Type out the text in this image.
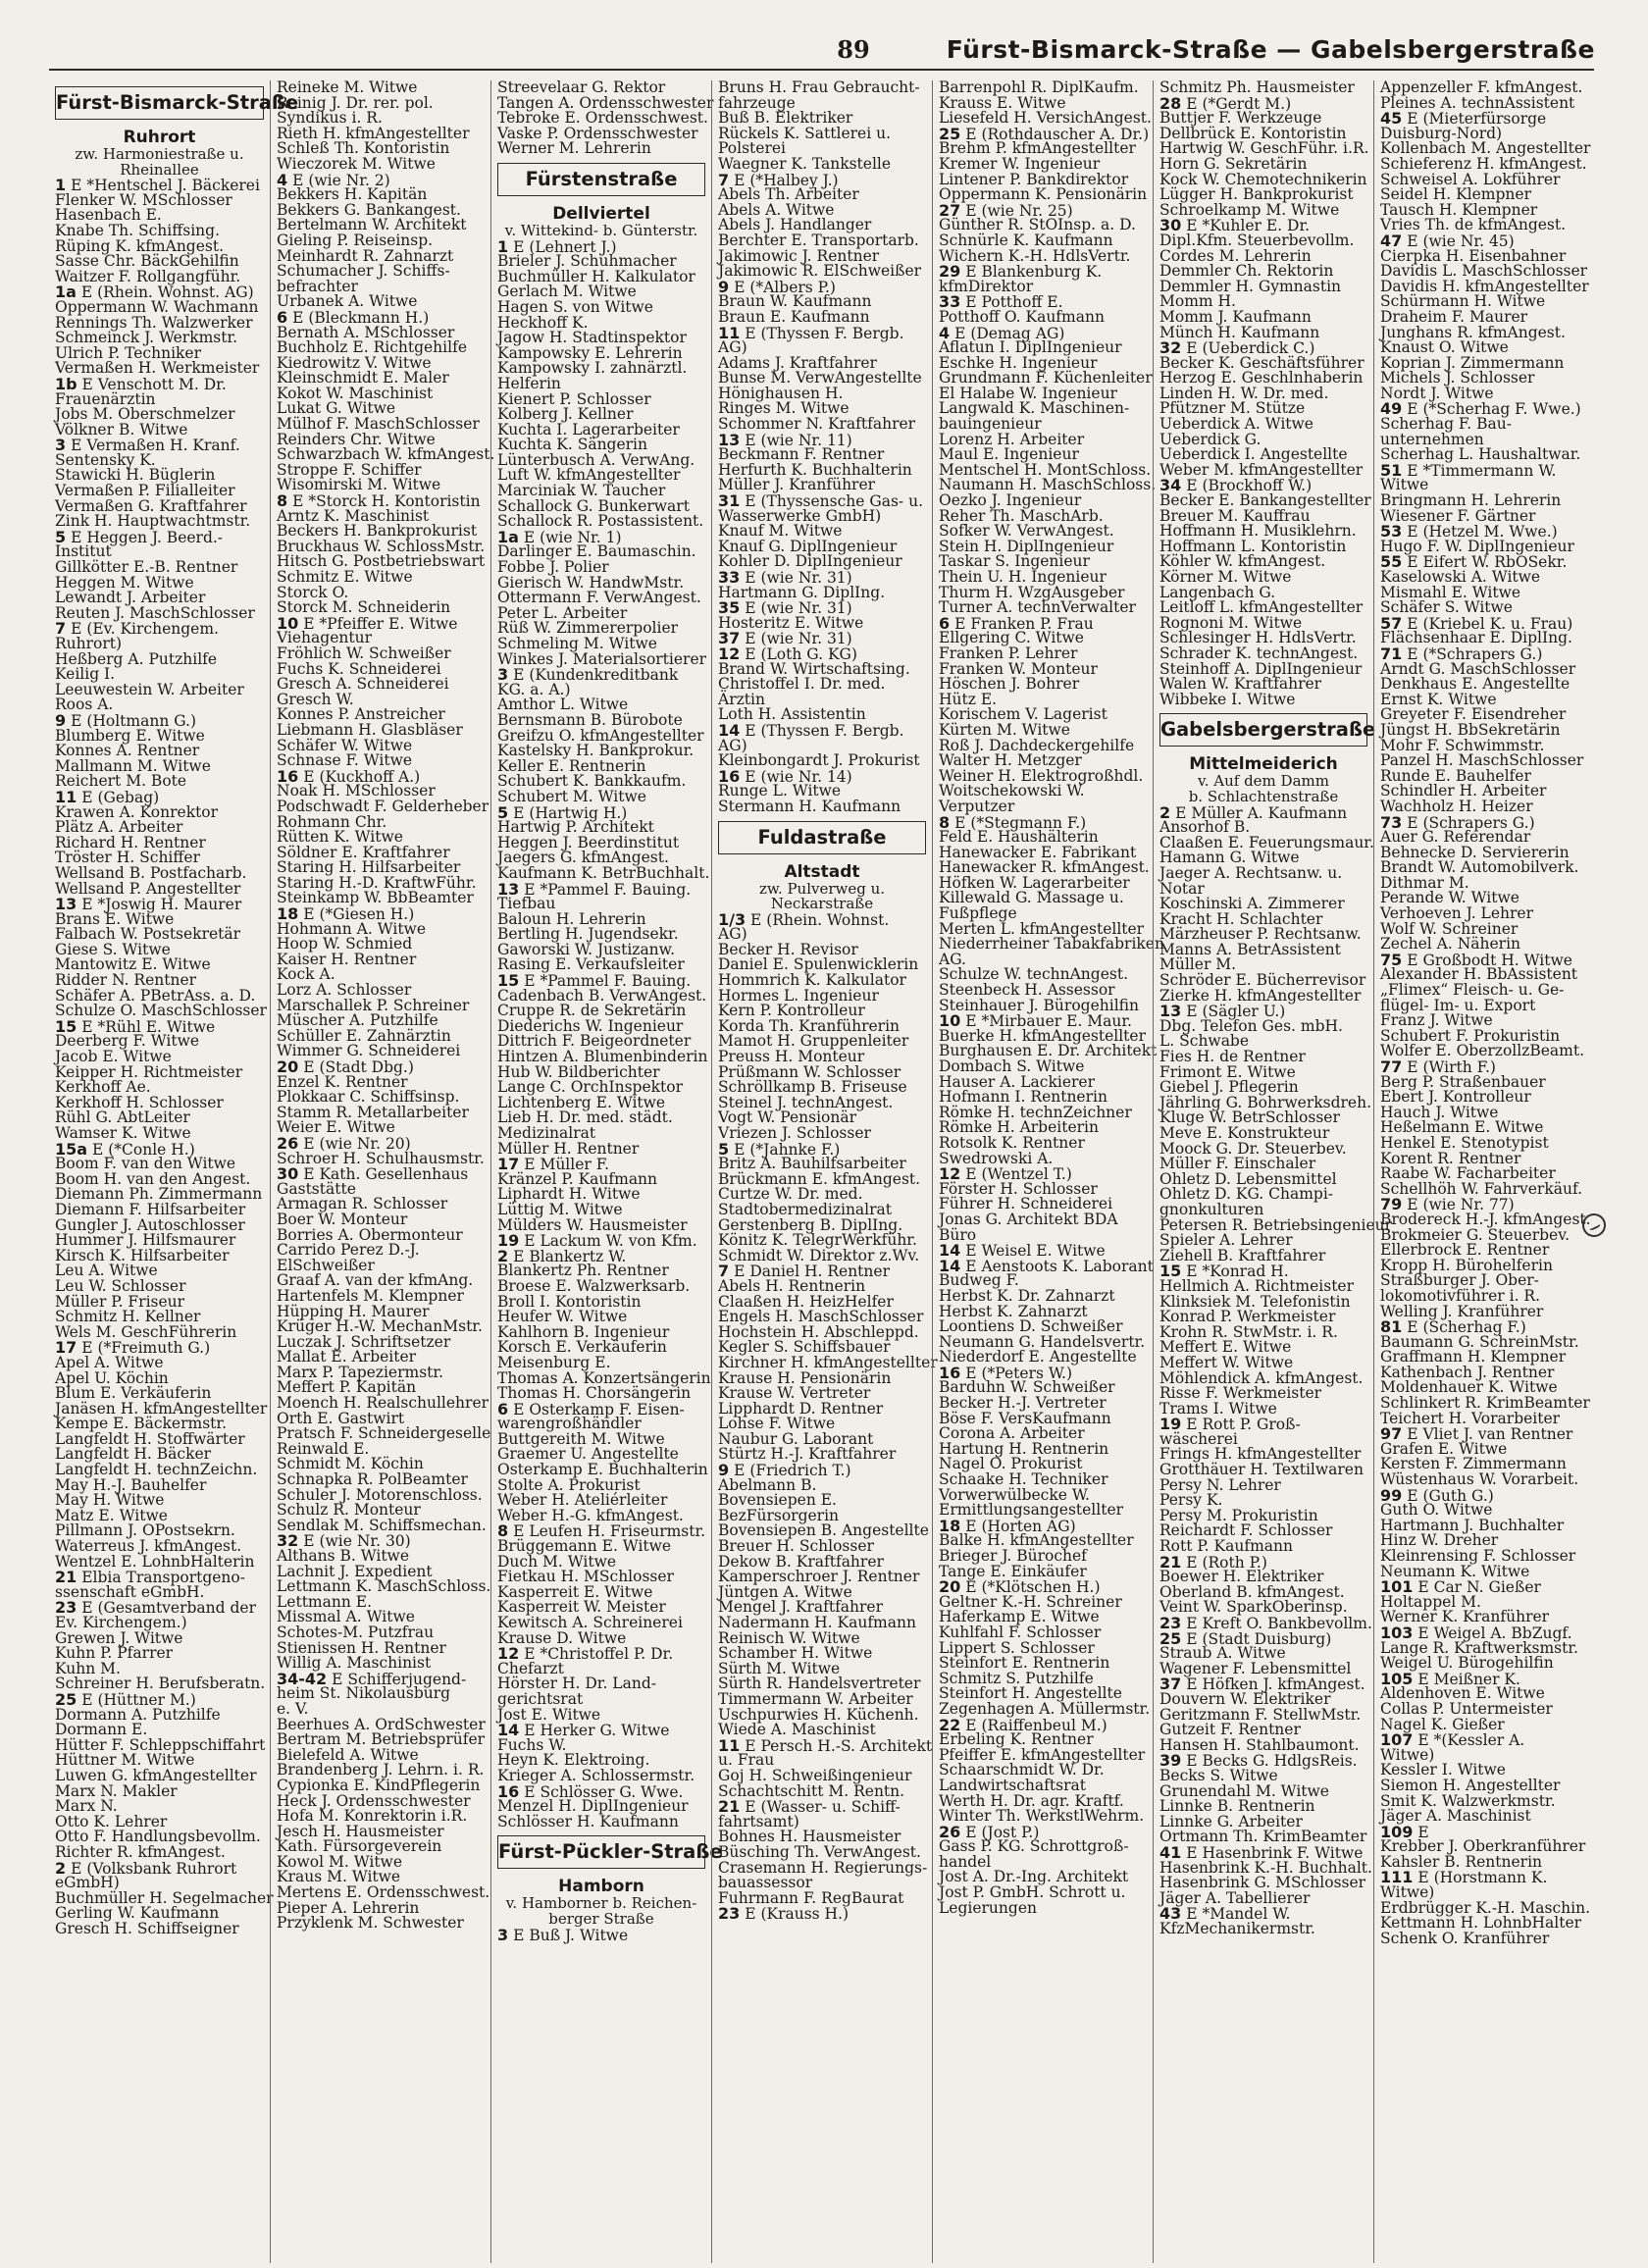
89	Fürst-Bismarck-Straße — Gabelsbergerstraße
Fürst-Bismarck-Straße
Ruhrort
zw. Harmoniestraße u.
Rheinallee
1 E *Hentschel J. Bäckerei
Flenker W. MSchlosser
Hasenbach E.
Knabe Th. Schiffsing.
Rüping K. kfmAngest.
Sasse Chr. BäckGehilfin
Waitzer F. Rollgangführ.
1a E (Rhein. Wohnst. AG)
Oppermann W. Wachmann
Rennings Th. Walzwerker
Schmeinck J. Werkmstr.
Ulrich P. Techniker
Vermaßen H. Werkmeister
1b E Venschott M. Dr.
Frauenärztin
Jobs M. Oberschmelzer
Völkner B. Witwe
3 E Vermaßen H. Kranf.
Sentensky K.
Stawicki H. Büglerin
Vermaßen P. Filialleiter
Vermaßen G. Kraftfahrer
Zink H. Hauptwachtmstr.
5 E Heggen J. Beerd.-
Institut
Gillkötter E.-B. Rentner
Heggen M. Witwe
Lewandt J. Arbeiter
Reuten J. MaschSchlosser
7 E (Ev. Kirchengem.
Ruhrort)
Heßberg A. Putzhilfe
Keilig I.
Leeuwestein W. Arbeiter
Roos A.
9 E (Holtmann G.)
Blumberg E. Witwe
Konnes A. Rentner
Mallmann M. Witwe
Reichert M. Bote
11 E (Gebag)
Krawen A. Konrektor
Plätz A. Arbeiter
Richard H. Rentner
Tröster H. Schiffer
Wellsand B. Postfacharb.
Wellsand P. Angestellter
13 E *Joswig H. Maurer
Brans E. Witwe
Falbach W. Postsekretär
Giese S. Witwe
Mantowitz E. Witwe
Ridder N. Rentner
Schäfer A. PBetrAss. a. D.
Schulze O. MaschSchlosser
15 E *Rühl E. Witwe
Deerberg F. Witwe
Jacob E. Witwe
Keipper H. Richtmeister
Kerkhoff Ae.
Kerkhoff H. Schlosser
Rühl G. AbtLeiter
Wamser K. Witwe
15a E (*Conle H.)
Boom F. van den Witwe
Boom H. van den Angest.
Diemann Ph. Zimmermann
Diemann F. Hilfsarbeiter
Gungler J. Autoschlosser
Hummer J. Hilfsmaurer
Kirsch K. Hilfsarbeiter
Leu A. Witwe
Leu W. Schlosser
Müller P. Friseur
Schmitz H. Kellner
Wels M. GeschFührerin
17 E (*Freimuth G.)
Apel A. Witwe
Apel U. Köchin
Blum E. Verkäuferin
Janäsen H. kfmAngestellter
Kempe E. Bäckermstr.
Langfeldt H. Stoffwärter
Langfeldt H. Bäcker
Langfeldt H. technZeichn.
May H.-J. Bauhelfer
May H. Witwe
Matz E. Witwe
Pillmann J. OPostsekrn.
Waterreus J. kfmAngest.
Wentzel E. LohnbHalterin
21 Elbia Transportgeno-
ssenschaft eGmbH.
23 E (Gesamtverband der
Ev. Kirchengem.)
Grewen J. Witwe
Kuhn P. Pfarrer
Kuhn M.
Schreiner H. Berufsberatn.
25 E (Hüttner M.)
Dormann A. Putzhilfe
Dormann E.
Hütter F. Schleppschiffahrt
Hüttner M. Witwe
Luwen G. kfmAngestellter
Marx N. Makler
Marx N.
Otto K. Lehrer
Otto F. Handlungsbevollm.
Richter R. kfmAngest.
2 E (Volksbank Ruhrort
eGmbH)
Buchmüller H. Segelmacher
Gerling W. Kaufmann
Gresch H. Schiffseigner
Reineke M. Witwe
Reinig J. Dr. rer. pol.
Syndikus i. R.
Rieth H. kfmAngestellter
Schleß Th. Kontoristin
Wieczorek M. Witwe
4 E (wie Nr. 2)
Bekkers H. Kapitän
Bekkers G. Bankangest.
Bertelmann W. Architekt
Gieling P. Reiseinsp.
Meinhardt R. Zahnarzt
Schumacher J. Schiffs-
befrachter
Urbanek A. Witwe
6 E (Bleckmann H.)
Bernath A. MSchlosser
Buchholz E. Richtgehilfe
Kiedrowitz V. Witwe
Kleinschmidt E. Maler
Kokot W. Maschinist
Lukat G. Witwe
Mülhof F. MaschSchlosser
Reinders Chr. Witwe
Schwarzbach W. kfmAngest.
Stroppe F. Schiffer
Wisomirski M. Witwe
8 E *Storck H. Kontoristin
Arntz K. Maschinist
Beckers H. Bankprokurist
Bruckhaus W. SchlossMstr.
Hitsch G. Postbetriebswart
Schmitz E. Witwe
Storck O.
Storck M. Schneiderin
10 E *Pfeiffer E. Witwe
Viehagentur
Fröhlich W. Schweißer
Fuchs K. Schneiderei
Gresch A. Schneiderei
Gresch W.
Konnes P. Anstreicher
Liebmann H. Glasbläser
Schäfer W. Witwe
Schnase F. Witwe
16 E (Kuckhoff A.)
Noak H. MSchlosser
Podschwadt F. Gelderheber
Rohmann Chr.
Rütten K. Witwe
Söldner E. Kraftfahrer
Staring H. Hilfsarbeiter
Staring H.-D. KraftwFühr.
Steinkamp W. BbBeamter
18 E (*Giesen H.)
Hohmann A. Witwe
Hoop W. Schmied
Kaiser H. Rentner
Kock A.
Lorz A. Schlosser
Marschallek P. Schreiner
Müscher A. Putzhilfe
Schüller E. Zahnärztin
Wimmer G. Schneiderei
20 E (Stadt Dbg.)
Enzel K. Rentner
Plokkaar C. Schiffsinsp.
Stamm R. Metallarbeiter
Weier E. Witwe
26 E (wie Nr. 20)
Schroer H. Schulhausmstr.
30 E Kath. Gesellenhaus
Gaststätte
Armagan R. Schlosser
Boer W. Monteur
Borries A. Obermonteur
Carrido Perez D.-J.
ElSchweißer
Graaf A. van der kfmAng.
Hartenfels M. Klempner
Hüpping H. Maurer
Krüger H.-W. MechanMstr.
Luczak J. Schriftsetzer
Mallat E. Arbeiter
Marx P. Tapeziermstr.
Meffert P. Kapitän
Moench H. Realschullehrer
Orth E. Gastwirt
Pratsch F. Schneidergeselle
Reinwald E.
Schmidt M. Köchin
Schnapka R. PolBeamter
Schuler J. Motorenschloss.
Schulz R. Monteur
Sendlak M. Schiffsmechan.
32 E (wie Nr. 30)
Althans B. Witwe
Lachnit J. Expedient
Lettmann K. MaschSchloss.
Lettmann E.
Missmal A. Witwe
Schotes-M. Putzfrau
Stienissen H. Rentner
Willig A. Maschinist
34-42 E Schifferjugend-
heim St. Nikolausburg
e. V.
Beerhues A. OrdSchwester
Bertram M. Betriebsprüfer
Bielefeld A. Witwe
Brandenberg J. Lehrn. i. R.
Cypionka E. KindPflegerin
Heck J. Ordensschwester
Hofa M. Konrektorin i.R.
Jesch H. Hausmeister
Kath. Fürsorgeverein
Kowol M. Witwe
Kraus M. Witwe
Mertens E. Ordensschwest.
Pieper A. Lehrerin
Przyklenk M. Schwester
Streevelaar G. Rektor
Tangen A. Ordensschwester
Tebroke E. Ordensschwest.
Vaske P. Ordensschwester
Werner M. Lehrerin
Fürstenstraße
Dellviertel
v. Wittekind- b. Günterstr.
1 E (Lehnert J.)
Brieler J. Schuhmacher
Buchmüller H. Kalkulator
Gerlach M. Witwe
Hagen S. von Witwe
Heckhoff K.
Jagow H. Stadtinspektor
Kampowsky E. Lehrerin
Kampowsky I. zahnärztl.
Helferin
Kienert P. Schlosser
Kolberg J. Kellner
Kuchta I. Lagerarbeiter
Kuchta K. Sängerin
Lünterbusch A. VerwAng.
Luft W. kfmAngestellter
Marciniak W. Taucher
Schallock G. Bunkerwart
Schallock R. Postassistent.
1a E (wie Nr. 1)
Darlinger E. Baumaschin.
Fobbe J. Polier
Gierisch W. HandwMstr.
Ottermann F. VerwAngest.
Peter L. Arbeiter
Rüß W. Zimmererpolier
Schmeling M. Witwe
Winkes J. Materialsortierer
3 E (Kundenkreditbank
KG. a. A.)
Amthor L. Witwe
Bernsmann B. Bürobote
Greifzu O. kfmAngestellter
Kastelsky H. Bankprokur.
Keller E. Rentnerin
Schubert K. Bankkaufm.
Schubert M. Witwe
5 E (Hartwig H.)
Hartwig P. Architekt
Heggen J. Beerdinstitut
Jaegers G. kfmAngest.
Kaufmann K. BetrBuchhalt.
13 E *Pammel F. Bauing.
Tiefbau
Baloun H. Lehrerin
Bertling H. Jugendsekr.
Gaworski W. Justizanw.
Rasing E. Verkaufsleiter
15 E *Pammel F. Bauing.
Cadenbach B. VerwAngest.
Cruppe R. de Sekretärin
Diederichs W. Ingenieur
Dittrich F. Beigeordneter
Hintzen A. Blumenbinderin
Hub W. Bildberichter
Lange C. OrchInspektor
Lichtenberg E. Witwe
Lieb H. Dr. med. städt.
Medizinalrat
Müller H. Rentner
17 E Müller F.
Kränzel P. Kaufmann
Liphardt H. Witwe
Lüttig M. Witwe
Mülders W. Hausmeister
19 E Lackum W. von Kfm.
2 E Blankertz W.
Blankertz Ph. Rentner
Broese E. Walzwerksarb.
Broll I. Kontoristin
Heufer W. Witwe
Kahlhorn B. Ingenieur
Korsch E. Verkäuferin
Meisenburg E.
Thomas A. Konzertsängerin
Thomas H. Chorsängerin
6 E Osterkamp F. Eisen-
warengroßhändler
Buttgereith M. Witwe
Graemer U. Angestellte
Osterkamp E. Buchhalterin
Stolte A. Prokurist
Weber H. Ateliérleiter
Weber H.-G. kfmAngest.
8 E Leufen H. Friseurmstr.
Brüggemann E. Witwe
Duch M. Witwe
Fietkau H. MSchlosser
Kasperreit E. Witwe
Kasperreit W. Meister
Kewitsch A. Schreinerei
Krause D. Witwe
12 E *Christoffel P. Dr.
Chefarzt
Hörster H. Dr. Land-
gerichtsrat
Jost E. Witwe
14 E Herker G. Witwe
Fuchs W.
Heyn K. Elektroing.
Krieger A. Schlossermstr.
16 E Schlösser G. Wwe.
Menzel H. DiplIngenieur
Schlösser H. Kaufmann
Fürst-Pückler-Straße
Hamborn
v. Hamborner b. Reichen-
berger Straße
3 E Buß J. Witwe
Bruns H. Frau Gebraucht-
fahrzeuge
Buß B. Elektriker
Rückels K. Sattlerei u.
Polsterei
Waegner K. Tankstelle
7 E (*Halbey J.)
Abels Th. Arbeiter
Abels A. Witwe
Abels J. Handlanger
Berchter E. Transportarb.
Jakimowic J. Rentner
Jakimowic R. ElSchweißer
9 E (*Albers P.)
Braun W. Kaufmann
Braun E. Kaufmann
11 E (Thyssen F. Bergb.
AG)
Adams J. Kraftfahrer
Bunse M. VerwAngestellte
Hönighausen H.
Ringes M. Witwe
Schommer N. Kraftfahrer
13 E (wie Nr. 11)
Beckmann F. Rentner
Herfurth K. Buchhalterin
Müller J. Kranführer
31 E (Thyssensche Gas- u.
Wasserwerke GmbH)
Knauf M. Witwe
Knauf G. DiplIngenieur
Kohler D. DiplIngenieur
33 E (wie Nr. 31)
Hartmann G. DiplIng.
35 E (wie Nr. 31)
Hosteritz E. Witwe
37 E (wie Nr. 31)
12 E (Loth G. KG)
Brand W. Wirtschaftsing.
Christoffel I. Dr. med.
Ärztin
Loth H. Assistentin
14 E (Thyssen F. Bergb.
AG)
Kleinbongardt J. Prokurist
16 E (wie Nr. 14)
Runge L. Witwe
Stermann H. Kaufmann
Fuldastraße
Altstadt
zw. Pulverweg u.
Neckarstraße
1/3 E (Rhein. Wohnst.
AG)
Becker H. Revisor
Daniel E. Spulenwicklerin
Hommrich K. Kalkulator
Hormes L. Ingenieur
Kern P. Kontrolleur
Korda Th. Kranführerin
Mamot H. Gruppenleiter
Preuss H. Monteur
Prüßmann W. Schlosser
Schröllkamp B. Friseuse
Steinel J. technAngest.
Vogt W. Pensionär
Vriezen J. Schlosser
5 E (*Jahnke F.)
Britz A. Bauhilfsarbeiter
Brückmann E. kfmAngest.
Curtze W. Dr. med.
Stadtobermedizinalrat
Gerstenberg B. DiplIng.
Könitz K. TelegrWerkführ.
Schmidt W. Direktor z.Wv.
7 E Daniel H. Rentner
Abels H. Rentnerin
Claaßen H. HeizHelfer
Engels H. MaschSchlosser
Hochstein H. Abschleppd.
Kegler S. Schiffsbauer
Kirchner H. kfmAngestellter
Krause H. Pensionärin
Krause W. Vertreter
Lipphardt D. Rentner
Lohse F. Witwe
Naubur G. Laborant
Stürtz H.-J. Kraftfahrer
9 E (Friedrich T.)
Abelmann B.
Bovensiepen E.
BezFürsorgerin
Bovensiepen B. Angestellte
Breuer H. Schlosser
Dekow B. Kraftfahrer
Kamperschroer J. Rentner
Jüntgen A. Witwe
Mengel J. Kraftfahrer
Nadermann H. Kaufmann
Reinisch W. Witwe
Schamber H. Witwe
Sürth M. Witwe
Sürth R. Handelsvertreter
Timmermann W. Arbeiter
Uschpurwies H. Küchenh.
Wiede A. Maschinist
11 E Persch H.-S. Architekt
u. Frau
Goj H. Schweißingenieur
Schachtschitt M. Rentn.
21 E (Wasser- u. Schiff-
fahrtsamt)
Bohnes H. Hausmeister
Büsching Th. VerwAngest.
Crasemann H. Regierungs-
bauassessor
Fuhrmann F. RegBaurat
23 E (Krauss H.)
Barrenpohl R. DiplKaufm.
Krauss E. Witwe
Liesefeld H. VersichAngest.
25 E (Rothdauscher A. Dr.)
Brehm P. kfmAngestellter
Kremer W. Ingenieur
Lintener P. Bankdirektor
Oppermann K. Pensionärin
27 E (wie Nr. 25)
Günther R. StOInsp. a. D.
Schnürle K. Kaufmann
Wichern K.-H. HdlsVertr.
29 E Blankenburg K.
kfmDirektor
33 E Potthoff E.
Potthoff O. Kaufmann
4 E (Demag AG)
Aflatun I. DiplIngenieur
Eschke H. Ingenieur
Grundmann F. Küchenleiter
El Halabe W. Ingenieur
Langwald K. Maschinen-
bauingenieur
Lorenz H. Arbeiter
Maul E. Ingenieur
Mentschel H. MontSchloss.
Naumann H. MaschSchloss.
Oezko J. Ingenieur
Reher Th. MaschArb.
Sofker W. VerwAngest.
Stein H. DiplIngenieur
Taskar S. Ingenieur
Thein U. H. Ingenieur
Thurm H. WzgAusgeber
Turner A. technVerwalter
6 E Franken P. Frau
Ellgering C. Witwe
Franken P. Lehrer
Franken W. Monteur
Höschen J. Bohrer
Hütz E.
Korischem V. Lagerist
Kürten M. Witwe
Roß J. Dachdeckergehilfe
Walter H. Metzger
Weiner H. Elektrogroßhdl.
Woitschekowski W.
Verputzer
8 E (*Stegmann F.)
Feld E. Haushälterin
Hanewacker E. Fabrikant
Hanewacker R. kfmAngest.
Höfken W. Lagerarbeiter
Killewald G. Massage u.
Fußpflege
Merten L. kfmAngestellter
Niederrheiner Tabakfabriken
AG.
Schulze W. technAngest.
Steenbeck H. Assessor
Steinhauer J. Bürogehilfin
10 E *Mirbauer E. Maur.
Buerke H. kfmAngestellter
Burghausen E. Dr. Architekt
Dombach S. Witwe
Hauser A. Lackierer
Hofmann I. Rentnerin
Römke H. technZeichner
Römke H. Arbeiterin
Rotsolk K. Rentner
Swedrowski A.
12 E (Wentzel T.)
Förster H. Schlosser
Führer H. Schneiderei
Jonas G. Architekt BDA
Büro
14 E Weisel E. Witwe
14 E Aenstoots K. Laborant
Budweg F.
Herbst K. Dr. Zahnarzt
Herbst K. Zahnarzt
Loontiens D. Schweißer
Neumann G. Handelsvertr.
Niederdorf E. Angestellte
16 E (*Peters W.)
Barduhn W. Schweißer
Becker H.-J. Vertreter
Böse F. VersKaufmann
Corona A. Arbeiter
Hartung H. Rentnerin
Nagel O. Prokurist
Schaake H. Techniker
Vorwerwülbecke W.
Ermittlungsangestellter
18 E (Horten AG)
Balke H. kfmAngestellter
Brieger J. Bürochef
Tange E. Einkäufer
20 E (*Klötschen H.)
Geltner K.-H. Schreiner
Haferkamp E. Witwe
Kuhlfahl F. Schlosser
Lippert S. Schlosser
Steinfort E. Rentnerin
Schmitz S. Putzhilfe
Steinfort H. Angestellte
Zegenhagen A. Müllermstr.
22 E (Raiffenbeul M.)
Erbeling K. Rentner
Pfeiffer E. kfmAngestellter
Schaarschmidt W. Dr.
Landwirtschaftsrat
Werth H. Dr. agr. Kraftf.
Winter Th. WerkstlWehrm.
26 E (Jost P.)
Gass P. KG. Schrottgroß-
handel
Jost A. Dr.-Ing. Architekt
Jost P. GmbH. Schrott u.
Legierungen
Schmitz Ph. Hausmeister
28 E (*Gerdt M.)
Buttjer F. Werkzeuge
Dellbrück E. Kontoristin
Hartwig W. GeschFühr. i.R.
Horn G. Sekretärin
Kock W. Chemotechnikerin
Lügger H. Bankprokurist
Schroelkamp M. Witwe
30 E *Kuhler E. Dr.
Dipl.Kfm. Steuerbevollm.
Cordes M. Lehrerin
Demmler Ch. Rektorin
Demmler H. Gymnastin
Momm H.
Momm J. Kaufmann
Münch H. Kaufmann
32 E (Ueberdick C.)
Becker K. Geschäftsführer
Herzog E. Geschlnhaberin
Linden H. W. Dr. med.
Pfützner M. Stütze
Ueberdick A. Witwe
Ueberdick G.
Ueberdick I. Angestellte
Weber M. kfmAngestellter
34 E (Brockhoff W.)
Becker E. Bankangestellter
Breuer M. Kauffrau
Hoffmann H. Musiklehrn.
Hoffmann L. Kontoristin
Köhler W. kfmAngest.
Körner M. Witwe
Langenbach G.
Leitloff L. kfmAngestellter
Rognoni M. Witwe
Schlesinger H. HdlsVertr.
Schrader K. technAngest.
Steinhoff A. DiplIngenieur
Walen W. Kraftfahrer
Wibbeke I. Witwe
Gabelsbergerstraße
Mittelmeiderich
v. Auf dem Damm
b. Schlachtenstraße
2 E Müller A. Kaufmann
Ansorhof B.
Claaßen E. Feuerungsmaur.
Hamann G. Witwe
Jaeger A. Rechtsanw. u.
Notar
Koschinski A. Zimmerer
Kracht H. Schlachter
Märzheuser P. Rechtsanw.
Manns A. BetrAssistent
Müller M.
Schröder E. Bücherrevisor
Zierke H. kfmAngestellter
13 E (Sägler U.)
Dbg. Telefon Ges. mbH.
L. Schwabe
Fies H. de Rentner
Frimont E. Witwe
Giebel J. Pflegerin
Jährling G. Bohrwerksdreh.
Kluge W. BetrSchlosser
Meve E. Konstrukteur
Moock G. Dr. Steuerbev.
Müller F. Einschaler
Ohletz D. Lebensmittel
Ohletz D. KG. Champi-
gnonkulturen
Petersen R. Betriebsingenieur
Spieler A. Lehrer
Ziehell B. Kraftfahrer
15 E *Konrad H.
Hellmich A. Richtmeister
Klinksiek M. Telefonistin
Konrad P. Werkmeister
Krohn R. StwMstr. i. R.
Meffert E. Witwe
Meffert W. Witwe
Möhlendick A. kfmAngest.
Risse F. Werkmeister
Trams I. Witwe
19 E Rott P. Groß-
wäscherei
Frings H. kfmAngestellter
Grotthäuer H. Textilwaren
Persy N. Lehrer
Persy K.
Persy M. Prokuristin
Reichardt F. Schlosser
Rott P. Kaufmann
21 E (Roth P.)
Boewer H. Elektriker
Oberland B. kfmAngest.
Veint W. SparkOberinsp.
23 E Kreft O. Bankbevollm.
25 E (Stadt Duisburg)
Straub A. Witwe
Wagener F. Lebensmittel
37 E Höfken J. kfmAngest.
Douvern W. Elektriker
Geritzmann F. StellwMstr.
Gutzeit F. Rentner
Hansen H. Stahlbaumont.
39 E Becks G. HdlgsReis.
Becks S. Witwe
Grunendahl M. Witwe
Linnke B. Rentnerin
Linnke G. Arbeiter
Ortmann Th. KrimBeamter
41 E Hasenbrink F. Witwe
Hasenbrink K.-H. Buchhalt.
Hasenbrink G. MSchlosser
Jäger A. Tabellierer
43 E *Mandel W.
KfzMechanikermstr.
Appenzeller F. kfmAngest.
Pleines A. technAssistent
45 E (Mieterfürsorge
Duisburg-Nord)
Kollenbach M. Angestellter
Schieferenz H. kfmAngest.
Schweisel A. Lokführer
Seidel H. Klempner
Tausch H. Klempner
Vries Th. de kfmAngest.
47 E (wie Nr. 45)
Cierpka H. Eisenbahner
Davidis L. MaschSchlosser
Davidis H. kfmAngestellter
Schürmann H. Witwe
Draheim F. Maurer
Junghans R. kfmAngest.
Knaust O. Witwe
Koprian J. Zimmermann
Michels J. Schlosser
Nordt J. Witwe
49 E (*Scherhag F. Wwe.)
Scherhag F. Bau-
unternehmen
Scherhag L. Haushaltwar.
51 E *Timmermann W.
Witwe
Bringmann H. Lehrerin
Wiesener F. Gärtner
53 E (Hetzel M. Wwe.)
Hugo F. W. DiplIngenieur
55 E Eifert W. RbOSekr.
Kaselowski A. Witwe
Mismahl E. Witwe
Schäfer S. Witwe
57 E (Kriebel K. u. Frau)
Flächsenhaar E. DiplIng.
71 E (*Schrapers G.)
Arndt G. MaschSchlosser
Denkhaus E. Angestellte
Ernst K. Witwe
Greyeter F. Eisendreher
Jüngst H. BbSekretärin
Mohr F. Schwimmstr.
Panzel H. MaschSchlosser
Runde E. Bauhelfer
Schindler H. Arbeiter
Wachholz H. Heizer
73 E (Schrapers G.)
Auer G. Referendar
Behnecke D. Serviererin
Brandt W. Automobilverk.
Dithmar M.
Perande W. Witwe
Verhoeven J. Lehrer
Wolf W. Schreiner
Zechel A. Näherin
75 E Großbodt H. Witwe
Alexander H. BbAssistent
„Flimex“ Fleisch- u. Ge-
flügel- Im- u. Export
Franz J. Witwe
Schubert F. Prokuristin
Wolfer E. OberzollzBeamt.
77 E (Wirth F.)
Berg P. Straßenbauer
Ebert J. Kontrolleur
Hauch J. Witwe
Heßelmann E. Witwe
Henkel E. Stenotypist
Korent R. Rentner
Raabe W. Facharbeiter
Schellhöh W. Fahrverkäuf.
79 E (wie Nr. 77)
Brodereck H.-J. kfmAngest.
Brokmeier G. Steuerbev.
Ellerbrock E. Rentner
Kropp H. Bürohelferin
Straßburger J. Ober-
lokomotivführer i. R.
Welling J. Kranführer
81 E (Scherhag F.)
Baumann G. SchreinMstr.
Graffmann H. Klempner
Kathenbach J. Rentner
Moldenhauer K. Witwe
Schlinkert R. KrimBeamter
Teichert H. Vorarbeiter
97 E Vliet J. van Rentner
Grafen E. Witwe
Kersten F. Zimmermann
Wüstenhaus W. Vorarbeit.
99 E (Guth G.)
Guth O. Witwe
Hartmann J. Buchhalter
Hinz W. Dreher
Kleinrensing F. Schlosser
Neumann K. Witwe
101 E Car N. Gießer
Holtappel M.
Werner K. Kranführer
103 E Weigel A. BbZugf.
Lange R. Kraftwerksmstr.
Weigel U. Bürogehilfin
105 E Meißner K.
Aldenhoven E. Witwe
Collas P. Untermeister
Nagel K. Gießer
107 E *(Kessler A.
Witwe)
Kessler I. Witwe
Siemon H. Angestellter
Smit K. Walzwerkmstr.
Jäger A. Maschinist
109 E
Krebber J. Oberkranführer
Kahsler B. Rentnerin
111 E (Horstmann K.
Witwe)
Erdbrügger K.-H. Maschin.
Kettmann H. LohnbHalter
Schenk O. Kranführer
